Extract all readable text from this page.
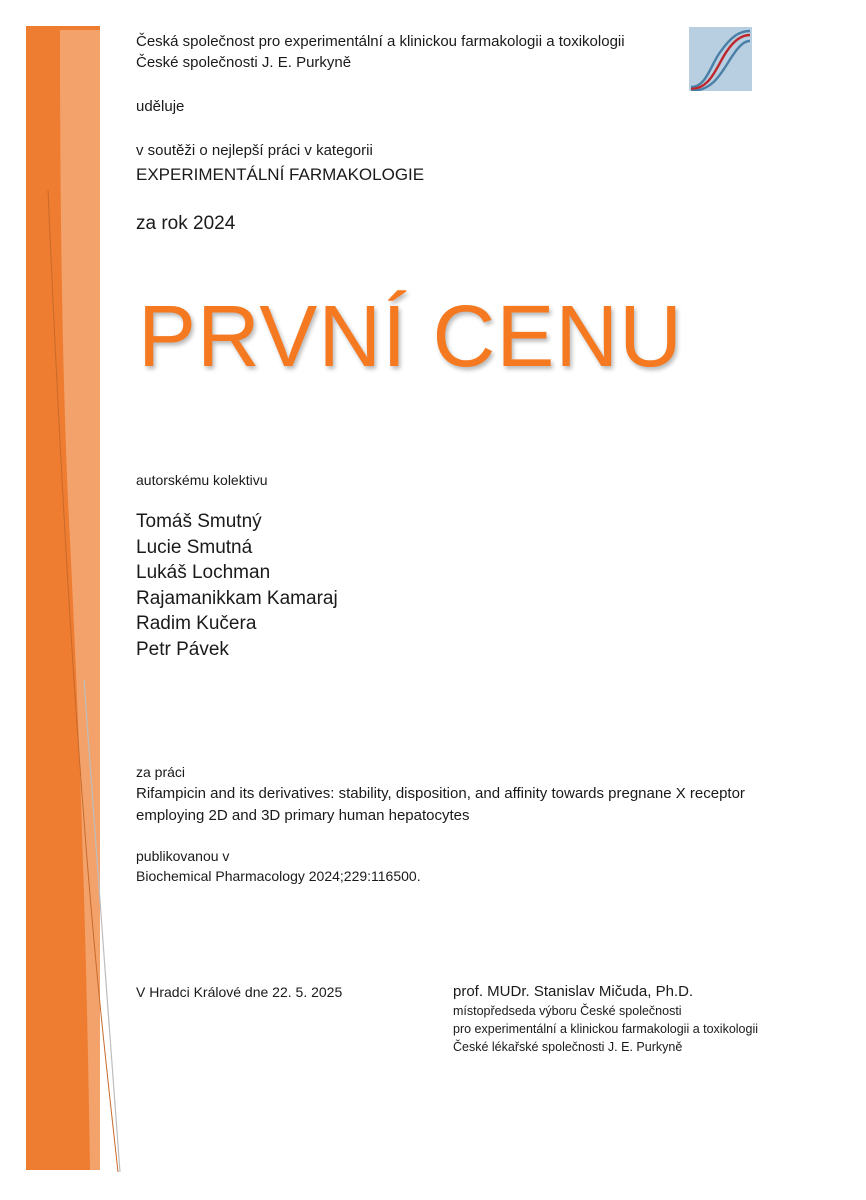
Česká společnost pro experimentální a klinickou farmakologii a toxikologii
České společnosti J. E. Purkyně
uděluje
v soutěži o nejlepší práci v kategorii
EXPERIMENTÁLNÍ FARMAKOLOGIE
za rok 2024
PRVNÍ CENU
autorskému kolektivu
Tomáš Smutný
Lucie Smutná
Lukáš Lochman
Rajamanikkam Kamaraj
Radim Kučera
Petr Pávek
za práci
Rifampicin and its derivatives: stability, disposition, and affinity towards pregnane X receptor
employing 2D and 3D primary human hepatocytes
publikovanou v
Biochemical Pharmacology 2024;229:116500.
V Hradci Králové dne 22. 5. 2025	prof. MUDr. Stanislav Mičuda, Ph.D.
místopředseda výboru České společnosti
pro experimentální a klinickou farmakologii a toxikologii
České lékařské společnosti J. E. Purkyně
